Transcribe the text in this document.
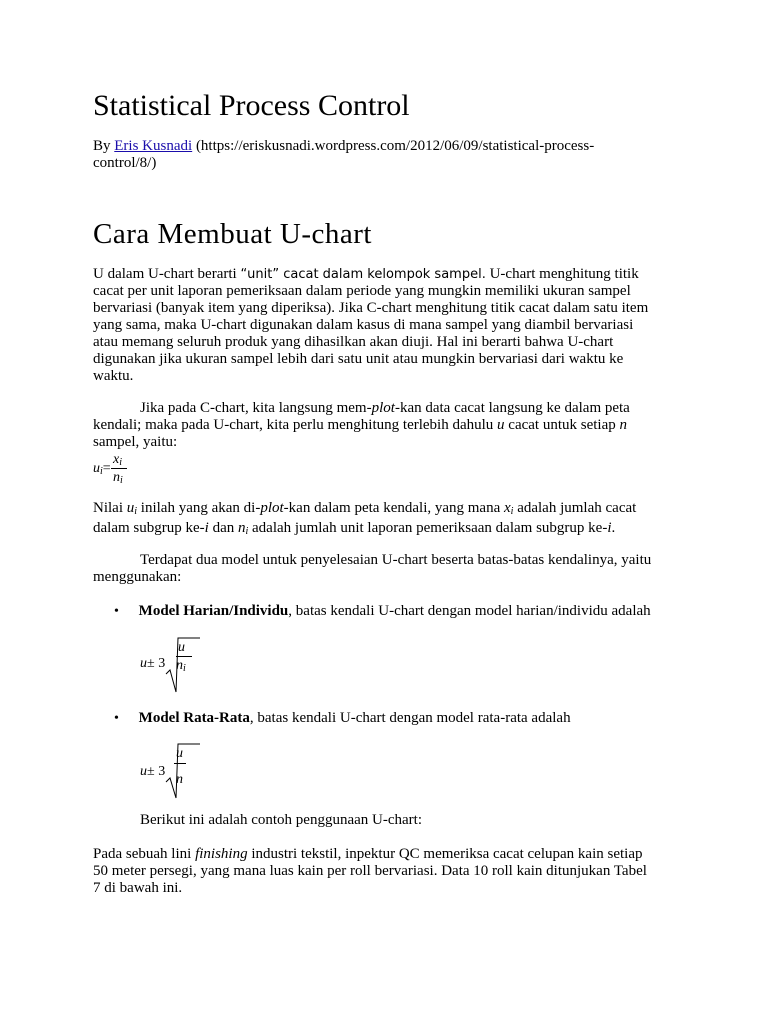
Statistical Process Control
By Eris Kusnadi (https://eriskusnadi.wordpress.com/2012/06/09/statistical-process-
control/8/)
Cara Membuat U-chart
U dalam U-chart berarti “unit” cacat dalam kelompok sampel. U-chart menghitung titik
cacat per unit laporan pemeriksaan dalam periode yang mungkin memiliki ukuran sampel
bervariasi (banyak item yang diperiksa). Jika C-chart menghitung titik cacat dalam satu item
yang sama, maka U-chart digunakan dalam kasus di mana sampel yang diambil bervariasi
atau memang seluruh produk yang dihasilkan akan diuji. Hal ini berarti bahwa U-chart
digunakan jika ukuran sampel lebih dari satu unit atau mungkin bervariasi dari waktu ke
waktu.
Jika pada C-chart, kita langsung mem-plot-kan data cacat langsung ke dalam peta
kendali; maka pada U-chart, kita perlu menghitung terlebih dahulu u cacat untuk setiap n
sampel, yaitu:
$u_i=$
$x_i$
$n_i$
Nilai $u_i$ inilah yang akan di-plot-kan dalam peta kendali, yang mana $x_i$ adalah jumlah cacat
dalam subgrup ke-i dan $n_i$ adalah jumlah unit laporan pemeriksaan dalam subgrup ke-i.
Terdapat dua model untuk penyelesaian U-chart beserta batas-batas kendalinya, yaitu
menggunakan:
• Model Harian/Individu, batas kendali U-chart dengan model harian/individu adalah
u± 3
u
$n_i$
• Model Rata-Rata, batas kendali U-chart dengan model rata-rata adalah
u± 3
u
n
Berikut ini adalah contoh penggunaan U-chart:
Pada sebuah lini finishing industri tekstil, inpektur QC memeriksa cacat celupan kain setiap
50 meter persegi, yang mana luas kain per roll bervariasi. Data 10 roll kain ditunjukan Tabel
7 di bawah ini.
